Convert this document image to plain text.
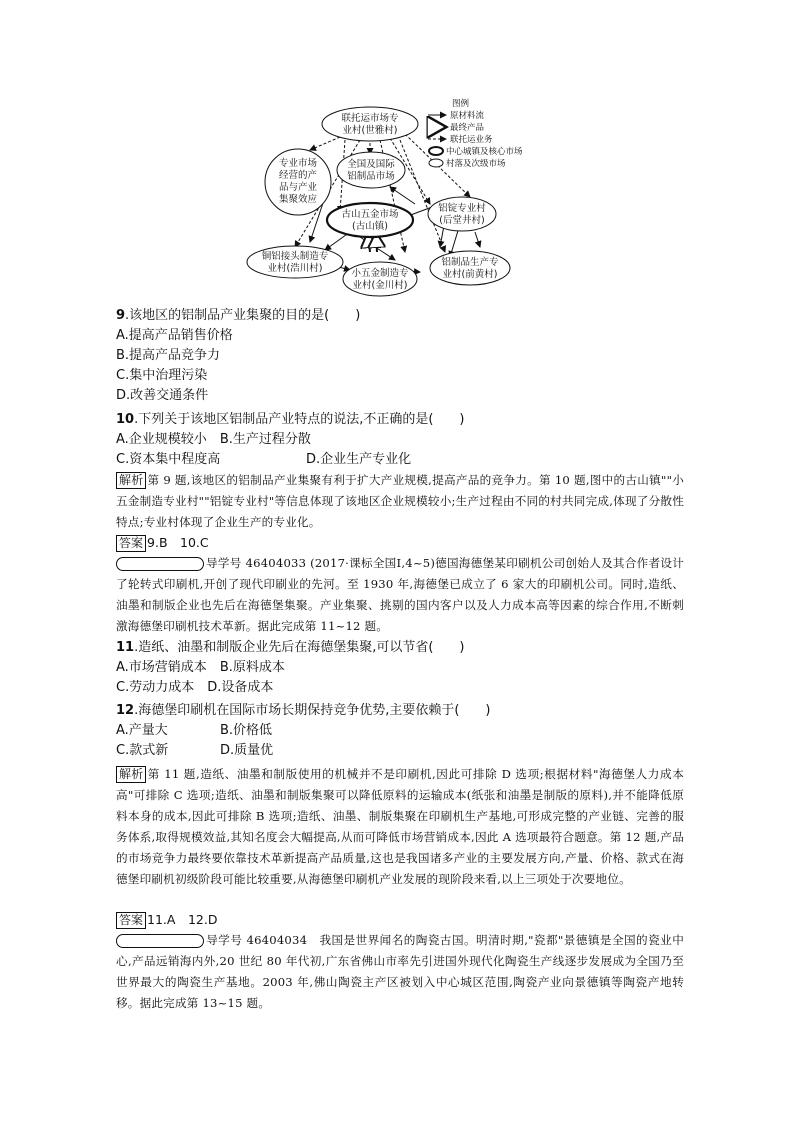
联托运市场专
业村(世雅村)
全国及国际
铝制品市场
专业市场
经营的产
品与产业
集聚效应
古山五金市场
(古山镇)
铝锭专业村
(后堂井村)
铜铝接头制造专
业村(浩川村)	小五金制造专
业村(金川村)
铝制品生产专
业村(前黄村)
图例
原材料流
最终产品
联托运业务
中心城镇及核心市场
村落及次级市场
9.该地区的铝制品产业集聚的目的是(　　)
A.提高产品销售价格
B.提高产品竞争力
C.集中治理污染
D.改善交通条件
10.下列关于该地区铝制品产业特点的说法,不正确的是(　　)
A.企业规模较小　 B.生产过程分散
C.资本集中程度高	D.企业生产专业化
解析 第 9 题,该地区的铝制品产业集聚有利于扩大产业规模,提高产品的竞争力。第 10 题,图中的古山镇""小五金制造专业村""铝锭专业村"等信息体现了该地区企业规模较小;生产过程由不同的村共同完成,体现了分散性特点;专业村体现了企业生产的专业化。
答案 9.B　10.C
导学号 46404033 (2017·课标全国Ⅰ,4~5)德国海德堡某印刷机公司创始人及其合作者设计了轮转式印刷机,开创了现代印刷业的先河。至 1930 年,海德堡已成立了 6 家大的印刷机公司。同时,造纸、油墨和制版企业也先后在海德堡集聚。产业集聚、挑剔的国内客户以及人力成本高等因素的综合作用,不断刺激海德堡印刷机技术革新。据此完成第 11~12 题。
11.造纸、油墨和制版企业先后在海德堡集聚,可以节省(　　)
A.市场营销成本　 B.原料成本
C.劳动力成本　 D.设备成本
12.海德堡印刷机在国际市场长期保持竞争优势,主要依赖于(　　)
A.产量大	B.价格低
C.款式新	D.质量优
解析 第 11 题,造纸、油墨和制版使用的机械并不是印刷机,因此可排除 D 选项;根据材料"海德堡人力成本高"可排除 C 选项;造纸、油墨和制版集聚可以降低原料的运输成本(纸张和油墨是制版的原料),并不能降低原料本身的成本,因此可排除 B 选项;造纸、油墨、制版集聚在印刷机生产基地,可形成完整的产业链、完善的服务体系,取得规模效益,其知名度会大幅提高,从而可降低市场营销成本,因此 A 选项最符合题意。第 12 题,产品的市场竞争力最终要依靠技术革新提高产品质量,这也是我国诸多产业的主要发展方向,产量、价格、款式在海德堡印刷机初级阶段可能比较重要,从海德堡印刷机产业发展的现阶段来看,以上三项处于次要地位。
答案 11.A　12.D
导学号 46404034　我国是世界闻名的陶瓷古国。明清时期,"瓷都"景德镇是全国的瓷业中心,产品远销海内外,20 世纪 80 年代初,广东省佛山市率先引进国外现代化陶瓷生产线逐步发展成为全国乃至世界最大的陶瓷生产基地。2003 年,佛山陶瓷主产区被划入中心城区范围,陶瓷产业向景德镇等陶瓷产地转移。据此完成第 13~15 题。
